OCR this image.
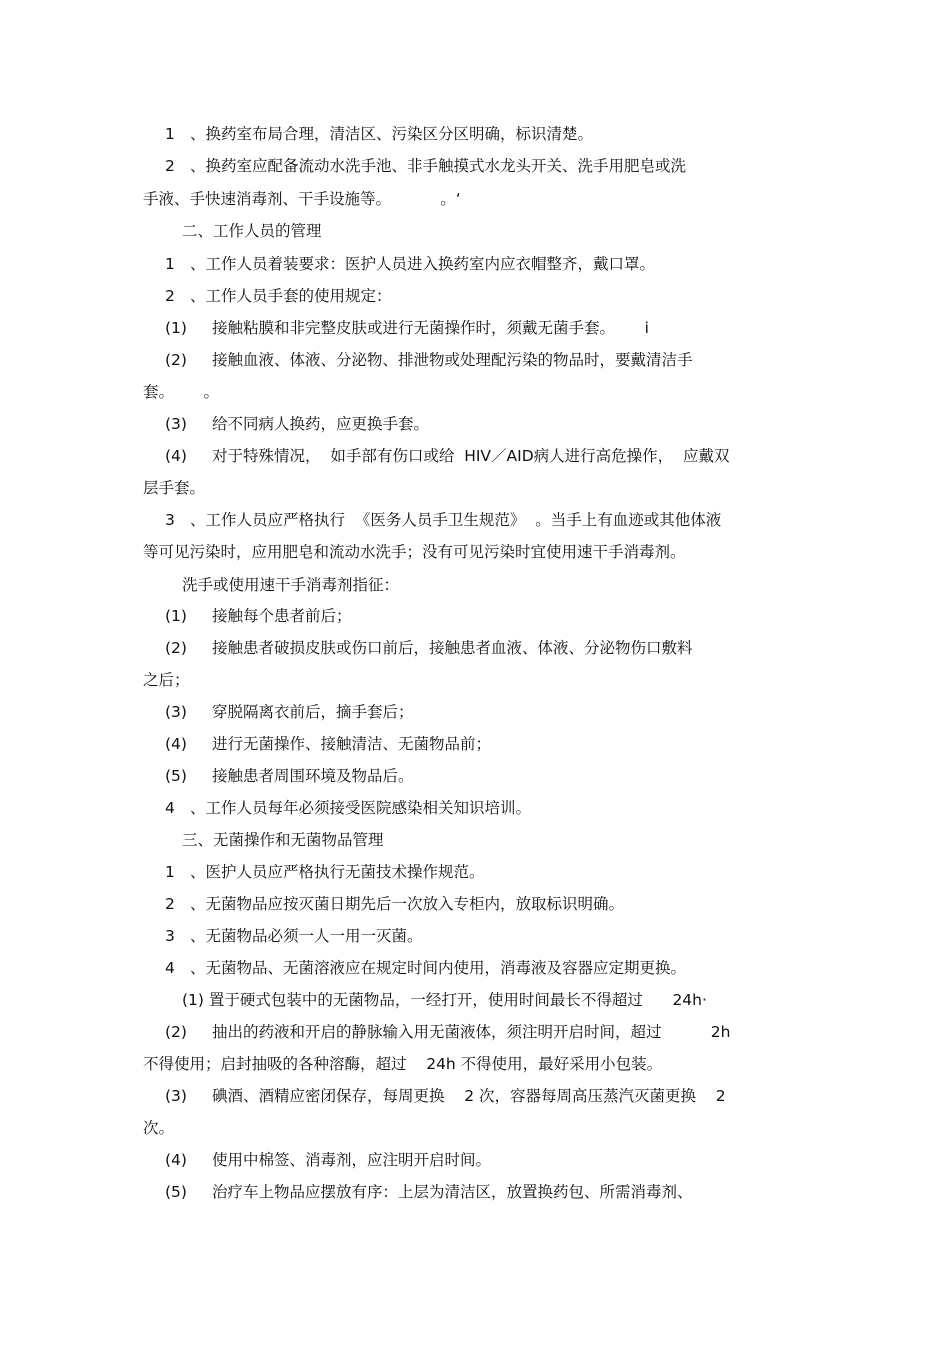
1 、换药室布局合理，清洁区、污染区分区明确，标识清楚。
2 、换药室应配备流动水洗手池、非手触摸式水龙头开关、洗手用肥皂或洗
手液、手快速消毒剂、干手设施等。          。‘
二、工作人员的管理
1 、工作人员着装要求：医护人员进入换药室内应衣帽整齐，戴口罩。
2 、工作人员手套的使用规定：
(1) 接触粘膜和非完整皮肤或进行无菌操作时，须戴无菌手套。      i
(2) 接触血液、体液、分泌物、排泄物或处理配污染的物品时，要戴清洁手
套。      。
(3) 给不同病人换药，应更换手套。
(4) 对于特殊情况，  如手部有伤口或给  HIV／AID病人进行高危操作，  应戴双
层手套。
3 、工作人员应严格执行  《医务人员手卫生规范》  。当手上有血迹或其他体液
等可见污染时，应用肥皂和流动水洗手；没有可见污染时宜使用速干手消毒剂。
洗手或使用速干手消毒剂指征：
(1) 接触每个患者前后；
(2) 接触患者破损皮肤或伤口前后，接触患者血液、体液、分泌物伤口敷料
之后；
(3) 穿脱隔离衣前后，摘手套后；
(4) 进行无菌操作、接触清洁、无菌物品前；
(5) 接触患者周围环境及物品后。
4 、工作人员每年必须接受医院感染相关知识培训。
三、无菌操作和无菌物品管理
1 、医护人员应严格执行无菌技术操作规范。
2 、无菌物品应按灭菌日期先后一次放入专柜内，放取标识明确。
3 、无菌物品必须一人一用一灭菌。
4 、无菌物品、无菌溶液应在规定时间内使用，消毒液及容器应定期更换。
(1) 置于硬式包装中的无菌物品，一经打开，使用时间最长不得超过      24h·
(2) 抽出的药液和开启的静脉输入用无菌液体，须注明开启时间，超过          2h
不得使用；启封抽吸的各种溶酶，超过    24h 不得使用，最好采用小包装。
(3) 碘酒、酒精应密闭保存，每周更换    2 次，容器每周高压蒸汽灭菌更换    2
次。
(4) 使用中棉签、消毒剂，应注明开启时间。
(5) 治疗车上物品应摆放有序：上层为清洁区，放置换药包、所需消毒剂、
